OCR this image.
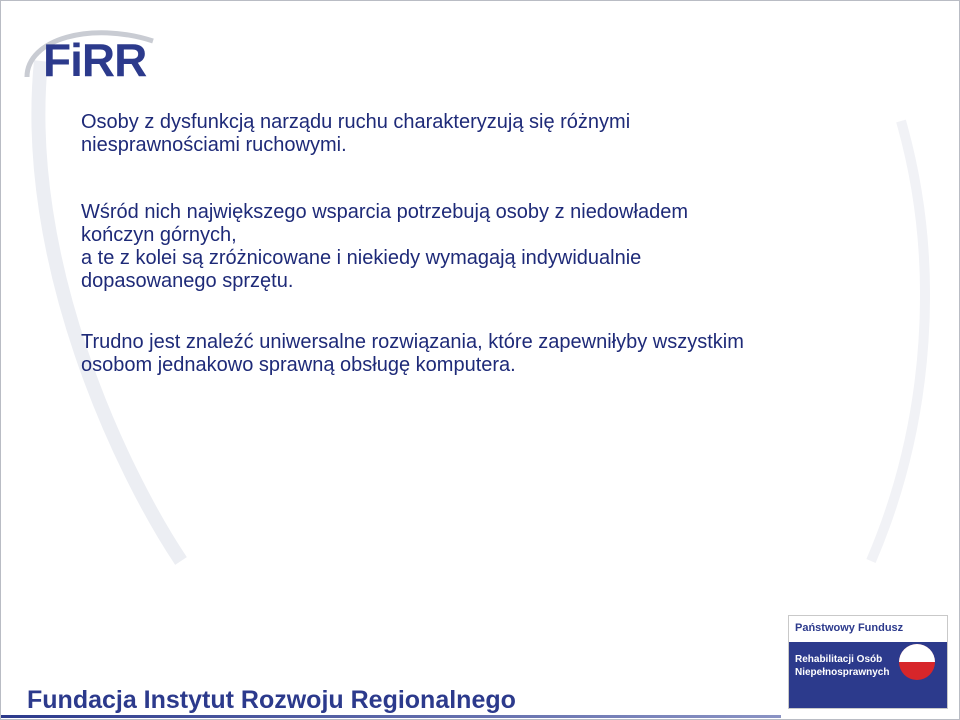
FiRR

Osoby z dysfunkcją narządu ruchu charakteryzują się różnymi
niesprawnościami ruchowymi.

Wśród nich największego wsparcia potrzebują osoby z niedowładem
kończyn górnych,
a te z kolei są zróżnicowane i niekiedy wymagają indywidualnie
dopasowanego sprzętu.

Trudno jest znaleźć uniwersalne rozwiązania, które zapewniłyby wszystkim
osobom jednakowo sprawną obsługę komputera.

Państwowy Fundusz
Rehabilitacji Osób
Niepełnosprawnych
Fundacja Instytut Rozwoju Regionalnego
